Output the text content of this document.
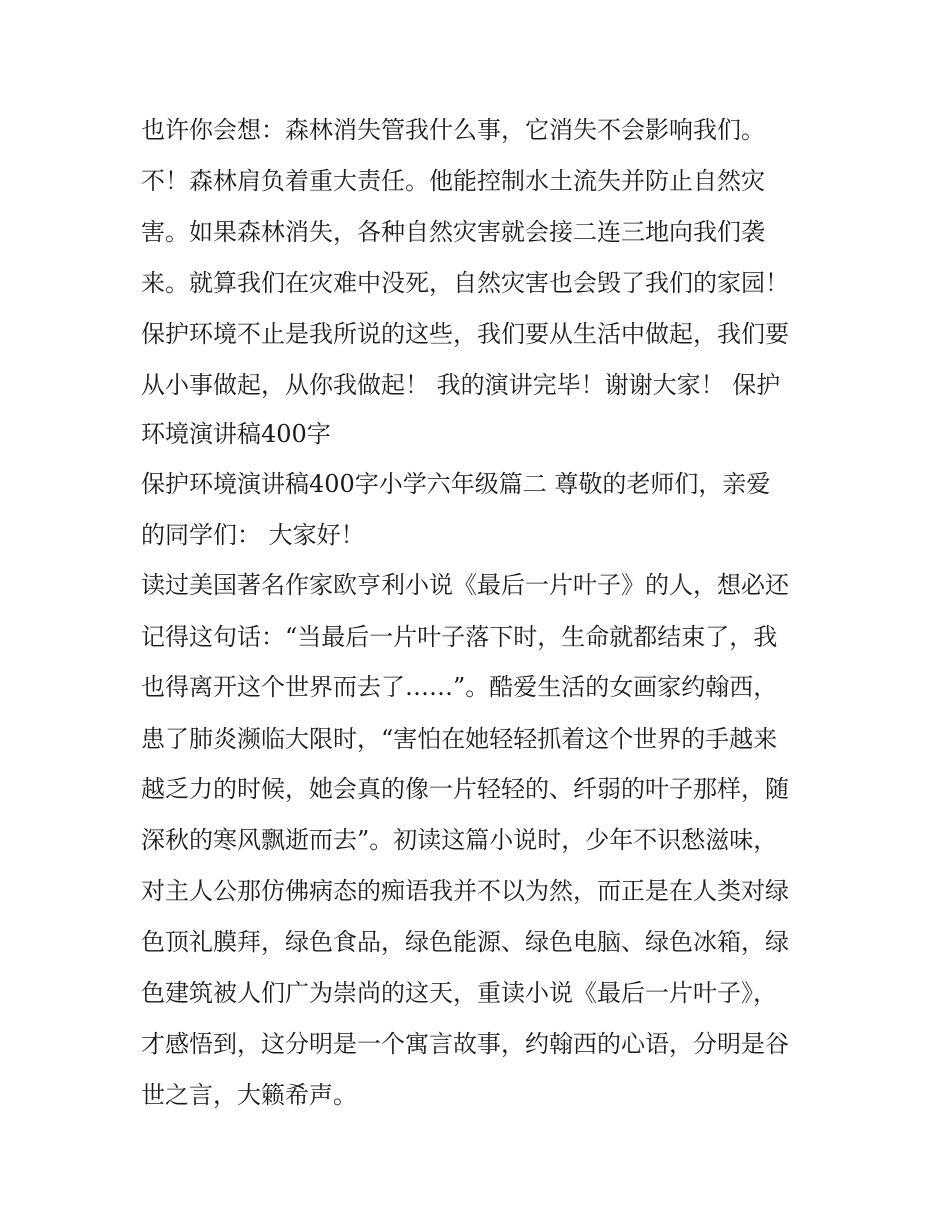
也许你会想：森林消失管我什么事，它消失不会影响我们。
不！森林肩负着重大责任。他能控制水土流失并防止自然灾
害。如果森林消失，各种自然灾害就会接二连三地向我们袭
来。就算我们在灾难中没死，自然灾害也会毁了我们的家园！
保护环境不止是我所说的这些，我们要从生活中做起，我们要
从小事做起，从你我做起！ 我的演讲完毕！谢谢大家！ 保护
环境演讲稿400字
保护环境演讲稿400字小学六年级篇二 尊敬的老师们，亲爱
的同学们： 大家好！
读过美国著名作家欧亨利小说《最后一片叶子》的人，想必还
记得这句话：“当最后一片叶子落下时，生命就都结束了，我
也得离开这个世界而去了……”。酷爱生活的女画家约翰西，
患了肺炎濒临大限时，“害怕在她轻轻抓着这个世界的手越来
越乏力的时候，她会真的像一片轻轻的、纤弱的叶子那样，随
深秋的寒风飘逝而去”。初读这篇小说时，少年不识愁滋味，
对主人公那仿佛病态的痴语我并不以为然，而正是在人类对绿
色顶礼膜拜，绿色食品，绿色能源、绿色电脑、绿色冰箱，绿
色建筑被人们广为崇尚的这天，重读小说《最后一片叶子》，
才感悟到，这分明是一个寓言故事，约翰西的心语，分明是谷
世之言，大籁希声。
